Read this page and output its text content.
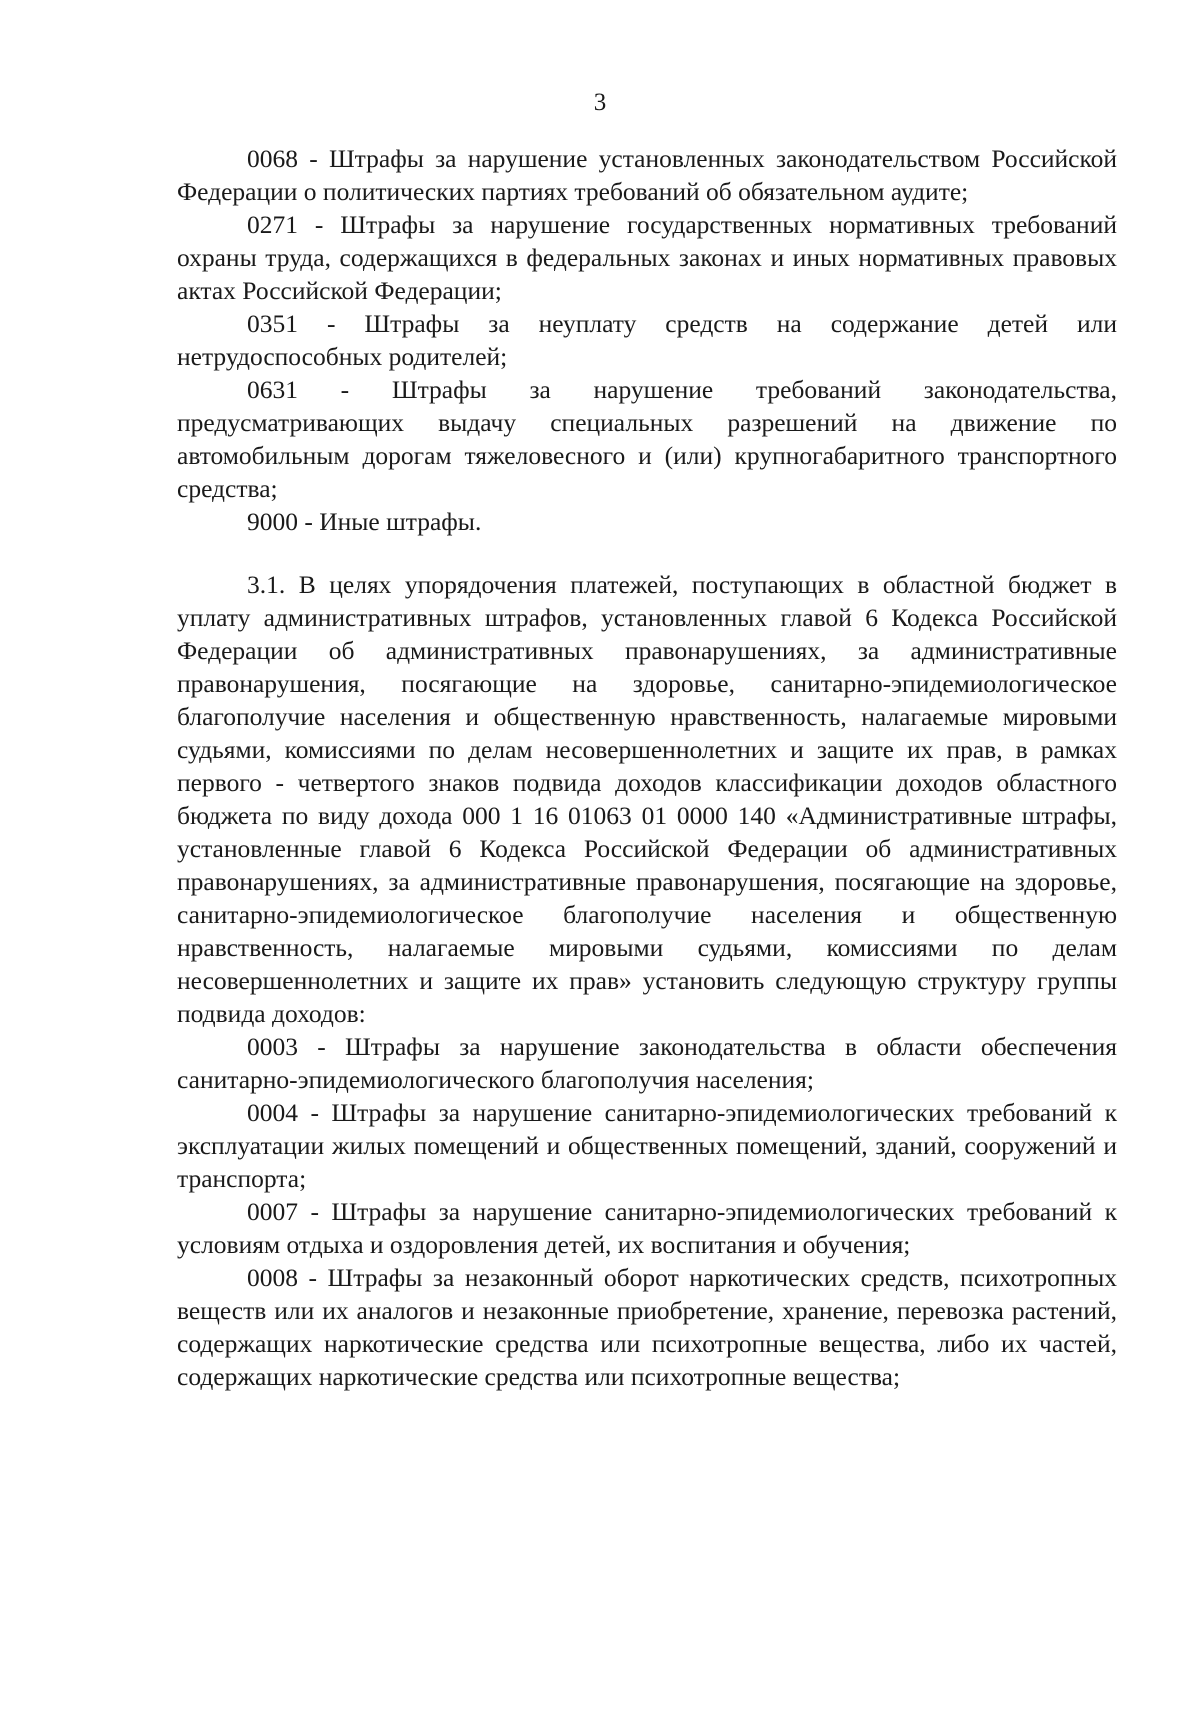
3

0068 - Штрафы за нарушение установленных законодательством Российской Федерации о политических партиях требований об обязательном аудите;

0271 - Штрафы за нарушение государственных нормативных требований охраны труда, содержащихся в федеральных законах и иных нормативных правовых актах Российской Федерации;

0351 - Штрафы за неуплату средств на содержание детей или нетрудоспособных родителей;

0631 - Штрафы за нарушение требований законодательства, предусматривающих выдачу специальных разрешений на движение по автомобильным дорогам тяжеловесного и (или) крупногабаритного транспортного средства;

9000 - Иные штрафы.

3.1. В целях упорядочения платежей, поступающих в областной бюджет в уплату административных штрафов, установленных главой 6 Кодекса Российской Федерации об административных правонарушениях, за административные правонарушения, посягающие на здоровье, санитарно-эпидемиологическое благополучие населения и общественную нравственность, налагаемые мировыми судьями, комиссиями по делам несовершеннолетних и защите их прав, в рамках первого - четвертого знаков подвида доходов классификации доходов областного бюджета по виду дохода 000 1 16 01063 01 0000 140 «Административные штрафы, установленные главой 6 Кодекса Российской Федерации об административных правонарушениях, за административные правонарушения, посягающие на здоровье, санитарно-эпидемиологическое благополучие населения и общественную нравственность, налагаемые мировыми судьями, комиссиями по делам несовершеннолетних и защите их прав» установить следующую структуру группы подвида доходов:

0003 - Штрафы за нарушение законодательства в области обеспечения санитарно-эпидемиологического благополучия населения;

0004 - Штрафы за нарушение санитарно-эпидемиологических требований к эксплуатации жилых помещений и общественных помещений, зданий, сооружений и транспорта;

0007 - Штрафы за нарушение санитарно-эпидемиологических требований к условиям отдыха и оздоровления детей, их воспитания и обучения;

0008 - Штрафы за незаконный оборот наркотических средств, психотропных веществ или их аналогов и незаконные приобретение, хранение, перевозка растений, содержащих наркотические средства или психотропные вещества, либо их частей, содержащих наркотические средства или психотропные вещества;
